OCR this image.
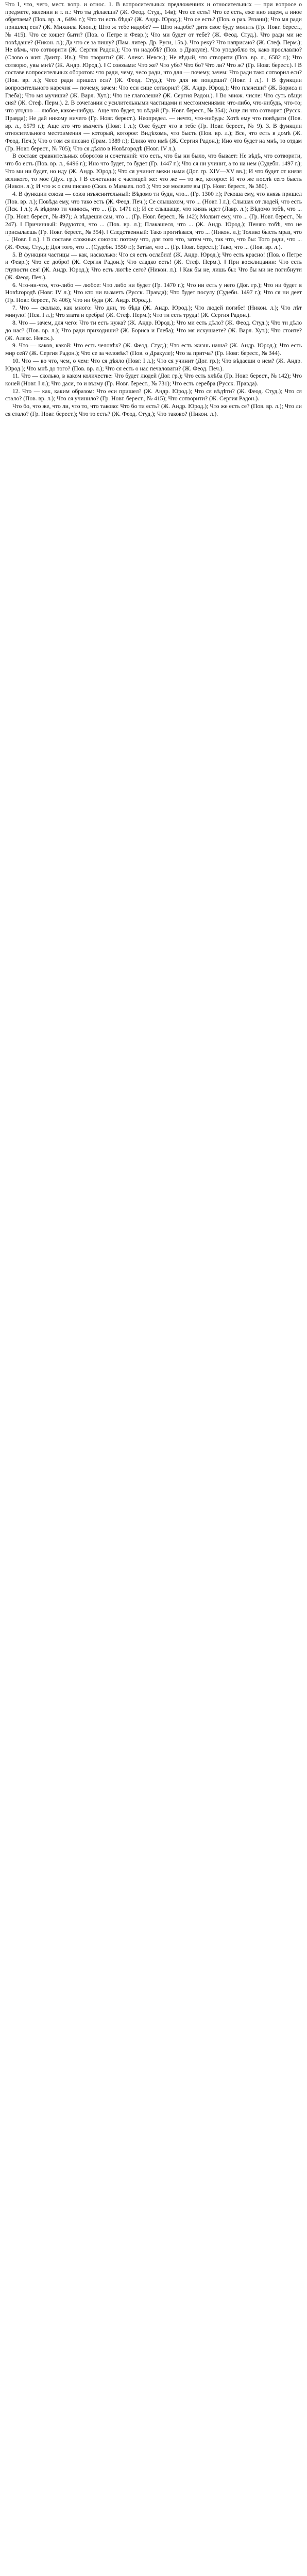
Что I, что, чего, мест. вопр. и относ. 1. В вопросительных предложениях и относительных — при вопросе о предмете, явлении и т. п.: Что ты дѣлаеши? (Ж. Феод. Студ., 14в); Что се есть? Что се есть, еже ино ищем, а иное обретаем? (Пов. вр. л., 6494 г.); Что ти есть бѣда? (Ж. Андр. Юрод.); Что се есть? (Пов. о раз. Рязани); Что мя ради пришлец еси? (Ж. Михаила Клоп.); Што ж тебе надобе? — Што надобе? дитя свое буду молить (Гр. Новг. берест., № 415). Что се хощет быти? (Пов. о Петре и Февр.); Что ми будет от тебе? (Ж. Феод. Студ.). Что ради ми не повѣдаше? (Никон. л.); Да что се за пишу? (Пам. литер. Др. Руси, 15в.). Что реку? Что наприсаю? (Ж. Стеф. Перм.); Не вѣмь, что сотворити (Ж. Сергия Радон.); Что ти надобѣ? (Пов. о Дракуле). Что уподоблю тя, како прославлю? (Слово о жит. Дмитр. Ив.); Что творити? (Ж. Алекс. Невск.); Не вѣдый, что створити (Пов. вр. л., 6582 г.); Что сотворю, увы мнѣ? (Ж. Андр. Юрод.). ‖ С союзами: Что же? Что убо? Что бо? Что ли? Что ж? (Гр. Новг. берест.). ‖ В составе вопросительных оборотов: что ради, чему, чесо ради, что для — почему, зачем: Что ради тако сотворил еси? (Пов. вр. л.); Чесо ради пришел еси? (Ж. Феод. Студ.); Что для не поидеши? (Новг. I л.). ‖ В функции вопросительного наречия — почему, зачем: Что еси сице сотворил? (Ж. Андр. Юрод.); Что плачеши? (Ж. Бориса и Глеба); Что мя мучиши? (Ж. Варл. Хут.); Что не глаголеши? (Ж. Сергия Радон.). ‖ Во множ. числе: Что суть вѣщи сия? (Ж. Стеф. Перм.). 2. В сочетании с усилительными частицами и местоимениями: что-либо, что-нибудь, что-то; что угодно — любое, какое-нибудь: Аще что будет, то вѣдай (Гр. Новг. берест., № 354); Аще ли что сотворит (Русск. Правда); Не дай никому ничего (Гр. Новг. берест.). Неопредел. — нечто, что-нибудь: Хотѣ ему что повѣдати (Пов. вр. л., 6579 г.); Аще кто что възметъ (Новг. I л.); Оже будет что в тебе (Гр. Новг. берест., № 9). 3. В функции относительного местоимения — который, которое: Видѣхомъ, что бысть (Пов. вр. л.); Все, что есть в домѣ (Ж. Феод. Печ.); Что о том ся писано (Грам. 1389 г.); Елико что имѣ (Ж. Сергия Радон.); Ино что будет на мнѣ, то отдам (Гр. Новг. берест., № 705); Что ся дѣяло в Новѣгородѣ (Новг. IV л.).

В составе сравнительных оборотов и сочетаний: что есть, что бы ни было, что бывает: Не вѣдѣ, что сотворити, что бо есть (Пов. вр. л., 6496 г.); Ино что будет, то будет (Гр. 1447 г.); Что ся ни учинит, а то на нем (Судебн. 1497 г.); Что ми ни будет, но иду (Ж. Андр. Юрод.); Что ся учинит межи нами (Дог. гр. XIV—XV вв.); И что будет от князя великого, то мое (Дух. гр.). ‖ В сочетании с частицей же: что же — то же, которое: И что же послѣ сего бысть (Никон. л.); И что ж о сем писано (Сказ. о Мамаев. поб.); Что же молвите вы (Гр. Новг. берест., № 380).

4. В функции союза — союз изъяснительный: Вѣдомо ти буди, что... (Гр. 1300 г.); Рекоша ему, что князь пришел (Пов. вр. л.); Повѣда ему, что тако есть (Ж. Феод. Печ.); Се слышахом, что ... (Новг. I л.); Слышах от людей, что есть (Пск. I л.); А вѣдомо ти чинюсь, что ... (Гр. 1471 г.); И се слышаще, что князь идет (Лавр. л.); Вѣдомо тобѣ, что ... (Гр. Новг. берест., № 497); А вѣдаеши сам, что ... (Гр. Новг. берест., № 142); Молвит ему, что ... (Гр. Новг. берест., № 247). ‖ Причинный: Радуются, что ... (Пов. вр. л.); Плакашеся, что ... (Ж. Андр. Юрод.); Пеняю тобѣ, что не присылаешь (Гр. Новг. берест., № 354). ‖ Следственный: Тако прогнѣвася, что ... (Никон. л.); Толико бысть мраз, что ... (Новг. I л.). ‖ В составе сложных союзов: потому что, для того что, затем что, так что, что бы: Того ради, что ... (Ж. Феод. Студ.); Для того, что ... (Судебн. 1550 г.); Затѣм, что ... (Гр. Новг. берест.); Тако, что ... (Пов. вр. л.).

5. В функции частицы — как, насколько: Что ся есть ослабил! (Ж. Андр. Юрод.); Что есть красно! (Пов. о Петре и Февр.); Что се добро! (Ж. Сергия Радон.); Что сладко есть! (Ж. Стеф. Перм.). ‖ При восклицании: Что есть глупости сея! (Ж. Андр. Юрод.); Что есть лютѣе сего? (Никон. л.). ‖ Как бы не, лишь бы: Что бы ми не погибнути (Ж. Феод. Печ.).

6. Что-ни-что, что-либо — любое: Что либо ни будет (Гр. 1470 г.); Что ни есть у него (Дог. гр.); Что ни будет в Новѣгородѣ (Новг. IV л.); Что кто ни възметъ (Русск. Правда); Что будет посулу (Судебн. 1497 г.); Что ся ни деет (Гр. Новг. берест., № 406); Что ни буди (Ж. Андр. Юрод.).

7. Что — сколько, как много: Что дни, то бѣда (Ж. Андр. Юрод.); Что людей погибе! (Никон. л.); Что лѣт минуло! (Пск. I л.); Что злата и сребра! (Ж. Стеф. Перм.); Что ти есть труда! (Ж. Сергия Радон.).

8. Что — зачем, для чего: Что ти есть нужа? (Ж. Андр. Юрод.); Что ми есть дѣло? (Ж. Феод. Студ.); Что ти дѣло до нас? (Пов. вр. л.); Что ради приходиши? (Ж. Бориса и Глеба); Что мя искушаете? (Ж. Варл. Хут.); Что стоите? (Ж. Алекс. Невск.).

9. Что — каков, какой: Что есть человѣк? (Ж. Феод. Студ.); Что есть жизнь наша? (Ж. Андр. Юрод.); Что есть мир сей? (Ж. Сергия Радон.); Что се за человѣк? (Пов. о Дракуле); Что за притча? (Гр. Новг. берест., № 344).

10. Что — во что, чем, о чем: Что ся дѣяло (Новг. I л.); Что ся учинит (Дог. гр.); Что вѣдаеши о нем? (Ж. Андр. Юрод.); Что мнѣ до того? (Пов. вр. л.); Что ся есть о нас печаловати? (Ж. Феод. Печ.).

11. Что — сколько, в каком количестве: Что будет людей (Дог. гр.); Что есть хлѣба (Гр. Новг. берест., № 142); Что коней (Новг. I л.); Что даси, то и възму (Гр. Новг. берест., № 731); Что есть серебра (Русск. Правда).

12. Что — как, каким образом: Что еси пришел? (Ж. Андр. Юрод.); Что ся вѣдѣти? (Ж. Феод. Студ.); Что ся стало? (Пов. вр. л.); Что ся учинило? (Гр. Новг. берест., № 415); Что сотворити? (Ж. Сергия Радон.).

Что бо, что же, что ли, что то, что таково: Что бо ти есть? (Ж. Андр. Юрод.); Что же есть се? (Пов. вр. л.); Что ли ся стало? (Гр. Новг. берест.); Что то есть? (Ж. Феод. Студ.); Что таково? (Никон. л.).
